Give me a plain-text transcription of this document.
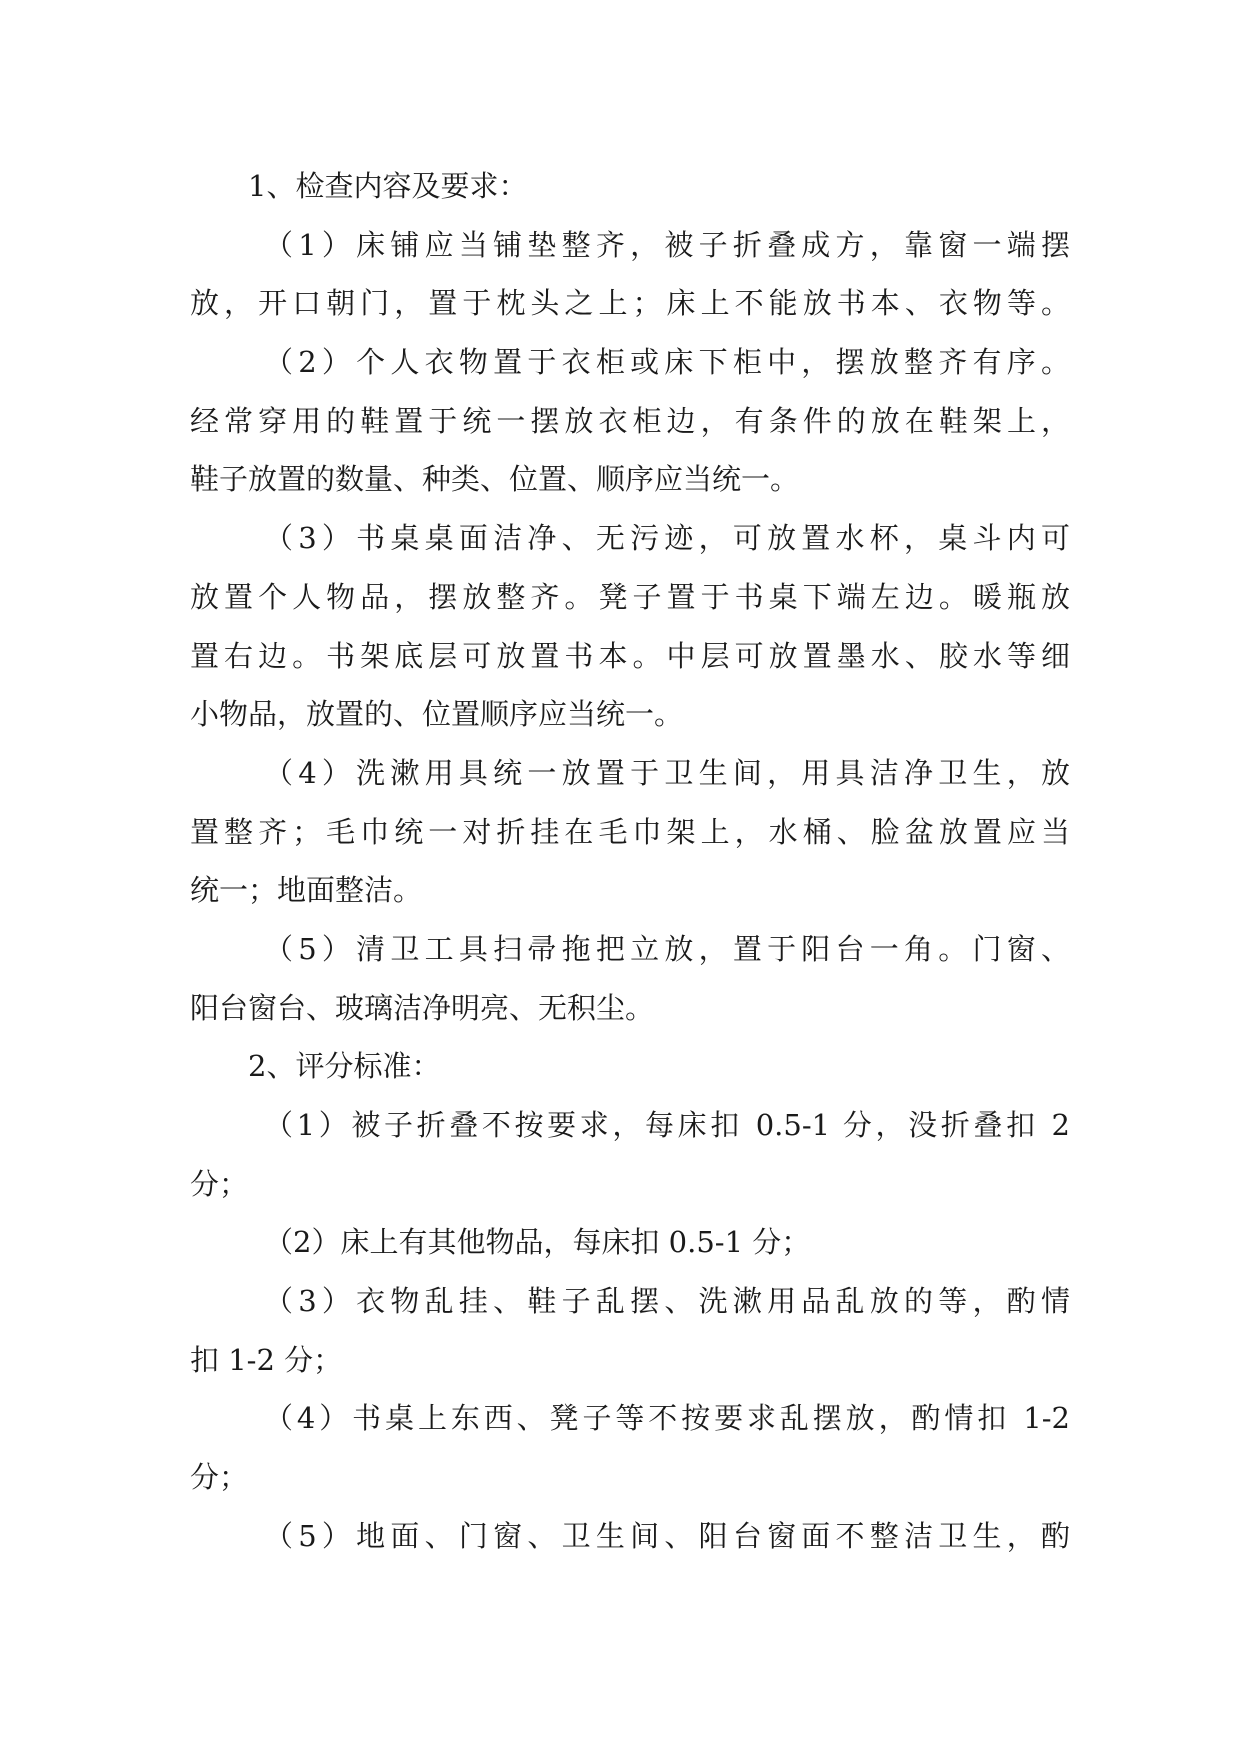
1、检查内容及要求：
（1）床铺应当铺垫整齐，被子折叠成方，靠窗一端摆
放，开口朝门，置于枕头之上；床上不能放书本、衣物等。
（2）个人衣物置于衣柜或床下柜中，摆放整齐有序。
经常穿用的鞋置于统一摆放衣柜边，有条件的放在鞋架上，
鞋子放置的数量、种类、位置、顺序应当统一。
（3）书桌桌面洁净、无污迹，可放置水杯，桌斗内可
放置个人物品，摆放整齐。凳子置于书桌下端左边。暖瓶放
置右边。书架底层可放置书本。中层可放置墨水、胶水等细
小物品，放置的、位置顺序应当统一。
（4）洗漱用具统一放置于卫生间，用具洁净卫生，放
置整齐；毛巾统一对折挂在毛巾架上，水桶、脸盆放置应当
统一；地面整洁。
（5）清卫工具扫帚拖把立放，置于阳台一角。门窗、
阳台窗台、玻璃洁净明亮、无积尘。
2、评分标准：
（1）被子折叠不按要求，每床扣 0.5-1 分，没折叠扣 2
分；
（2）床上有其他物品，每床扣 0.5-1 分；
（3）衣物乱挂、鞋子乱摆、洗漱用品乱放的等，酌情
扣 1-2 分；
（4）书桌上东西、凳子等不按要求乱摆放，酌情扣 1-2
分；
（5）地面、门窗、卫生间、阳台窗面不整洁卫生，酌
